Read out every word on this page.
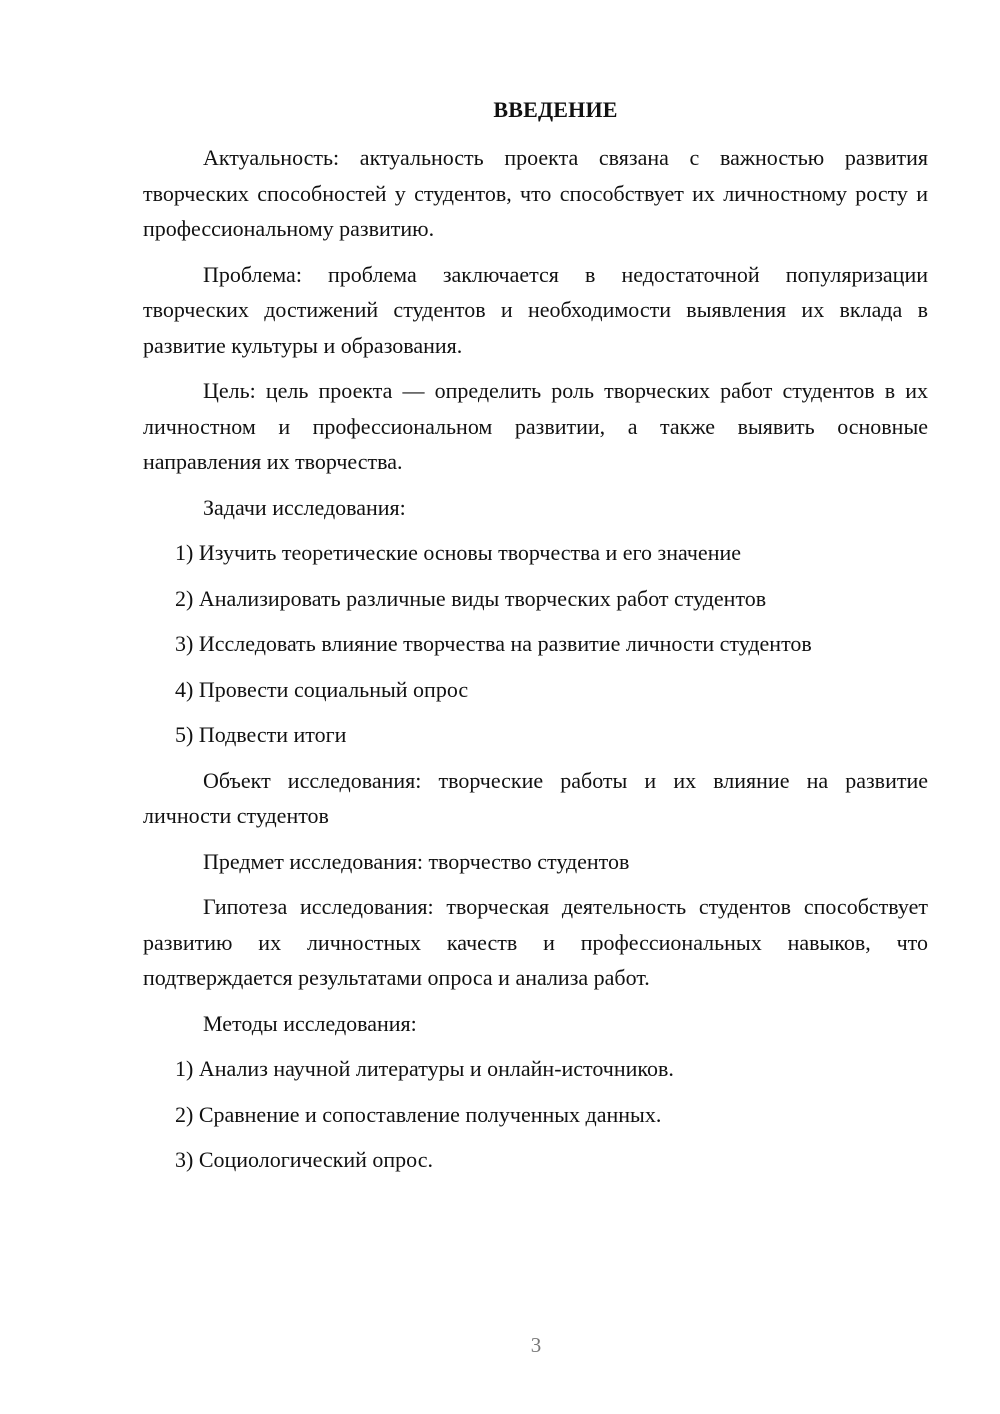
ВВЕДЕНИЕ

Актуальность: актуальность проекта связана с важностью развития творческих способностей у студентов, что способствует их личностному росту и профессиональному развитию.

Проблема: проблема заключается в недостаточной популяризации творческих достижений студентов и необходимости выявления их вклада в развитие культуры и образования.

Цель: цель проекта — определить роль творческих работ студентов в их личностном и профессиональном развитии, а также выявить основные направления их творчества.

Задачи исследования:

1) Изучить теоретические основы творчества и его значение
2) Анализировать различные виды творческих работ студентов
3) Исследовать влияние творчества на развитие личности студентов
4) Провести социальный опрос
5) Подвести итоги

Объект исследования: творческие работы и их влияние на развитие личности студентов

Предмет исследования: творчество студентов

Гипотеза исследования: творческая деятельность студентов способствует развитию их личностных качеств и профессиональных навыков, что подтверждается результатами опроса и анализа работ.

Методы исследования:

1) Анализ научной литературы и онлайн-источников.
2) Сравнение и сопоставление полученных данных.
3) Социологический опрос.
3
